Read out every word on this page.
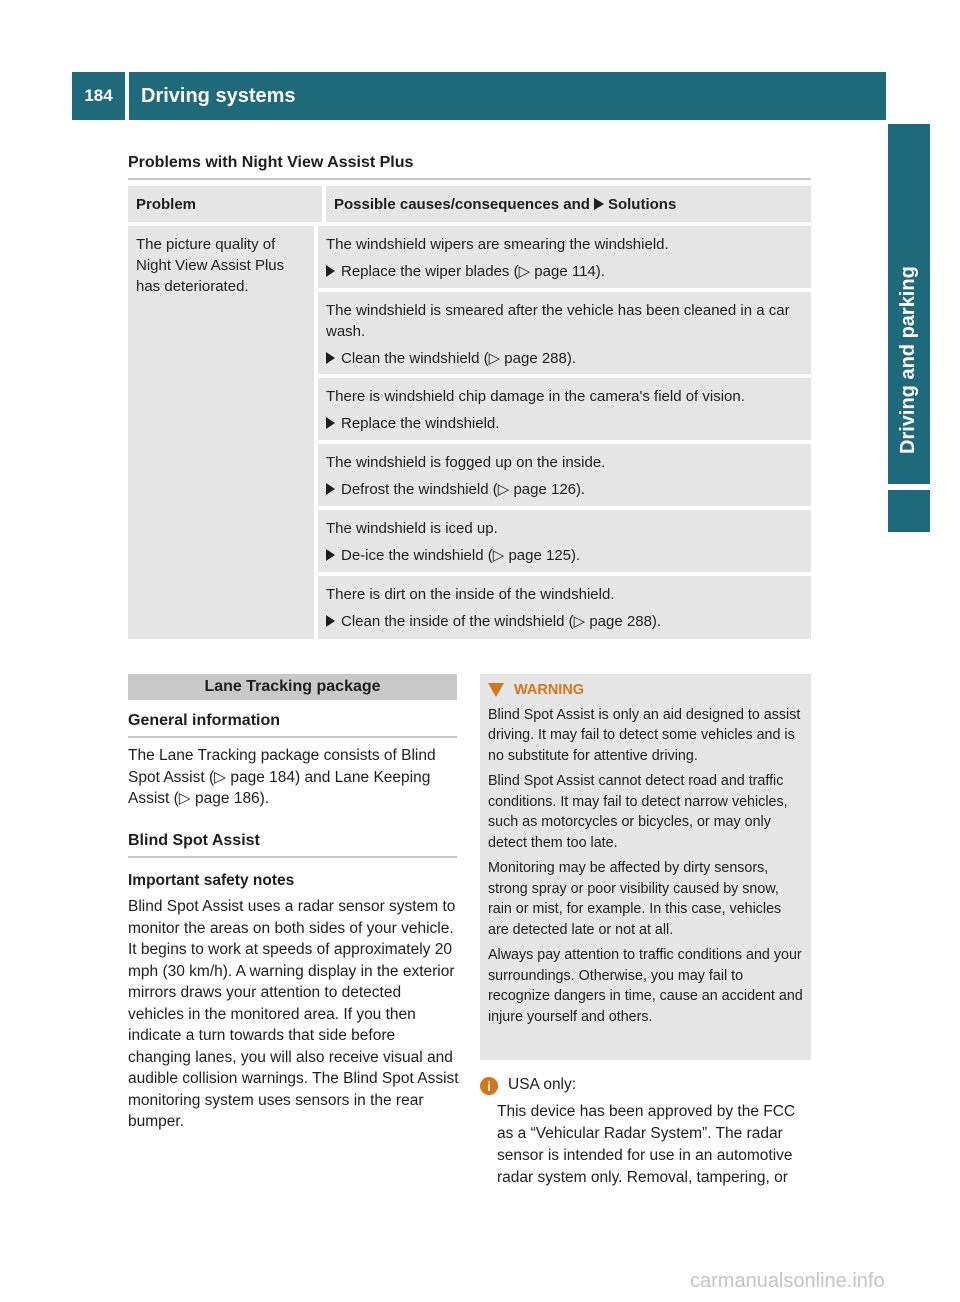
184	Driving systems
Driving and parking
Problems with Night View Assist Plus
Problem	Possible causes/consequences and Solutions
The picture quality of Night View Assist Plus has deteriorated.
The windshield wipers are smearing the windshield.
Replace the wiper blades (▷ page 114).
The windshield is smeared after the vehicle has been cleaned in a car wash.
Clean the windshield (▷ page 288).
There is windshield chip damage in the camera's field of vision.
Replace the windshield.
The windshield is fogged up on the inside.
Defrost the windshield (▷ page 126).
The windshield is iced up.
De-ice the windshield (▷ page 125).
There is dirt on the inside of the windshield.
Clean the inside of the windshield (▷ page 288).
Lane Tracking package
General information
The Lane Tracking package consists of Blind Spot Assist (▷ page 184) and Lane Keeping Assist (▷ page 186).
Blind Spot Assist
Important safety notes
Blind Spot Assist uses a radar sensor system to monitor the areas on both sides of your vehicle. It begins to work at speeds of approximately 20 mph (30 km/h). A warning display in the exterior mirrors draws your attention to detected vehicles in the monitored area. If you then indicate a turn towards that side before changing lanes, you will also receive visual and audible collision warnings. The Blind Spot Assist monitoring system uses sensors in the rear bumper.
WARNING

Blind Spot Assist is only an aid designed to assist driving. It may fail to detect some vehicles and is no substitute for attentive driving.

Blind Spot Assist cannot detect road and traffic conditions. It may fail to detect narrow vehicles, such as motorcycles or bicycles, or may only detect them too late.

Monitoring may be affected by dirty sensors, strong spray or poor visibility caused by snow, rain or mist, for example. In this case, vehicles are detected late or not at all.

Always pay attention to traffic conditions and your surroundings. Otherwise, you may fail to recognize dangers in time, cause an accident and injure yourself and others.

i	USA only:
This device has been approved by the FCC as a “Vehicular Radar System”. The radar sensor is intended for use in an automotive radar system only. Removal, tampering, or
carmanualsonline.info
